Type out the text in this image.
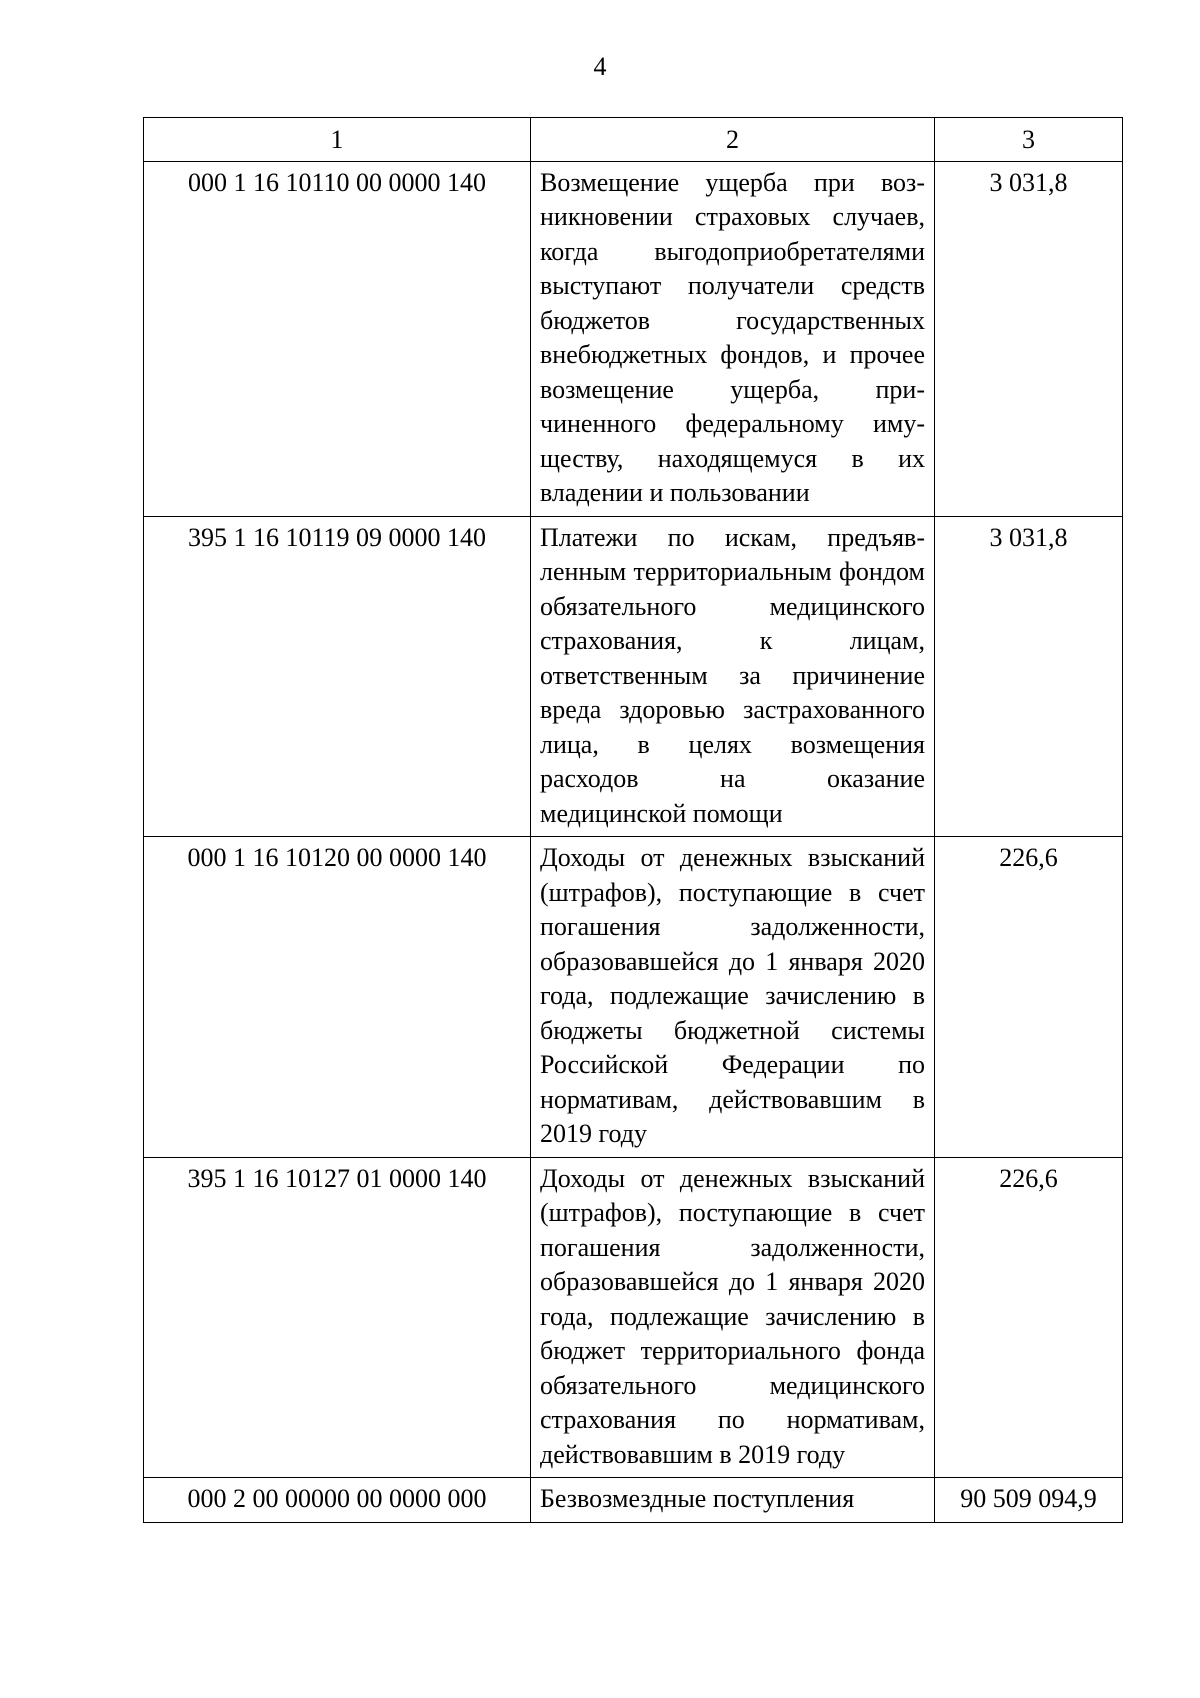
4
1	2	3
000 1 16 10110 00 0000 140	Возмещение ущерба при возникновении страховых случаев, когда выгодоприобретателями выступают получатели средств бюджетов государственных внебюджетных фондов, и прочее возмещение ущерба, причиненного федеральному имуществу, находящемуся в их владении и пользовании	3 031,8
395 1 16 10119 09 0000 140	Платежи по искам, предъявленным территориальным фондом обязательного медицинского страхования, к лицам, ответственным за причинение вреда здоровью застрахованного лица, в целях возмещения расходов на оказание медицинской помощи	3 031,8
000 1 16 10120 00 0000 140	Доходы от денежных взысканий (штрафов), поступающие в счет погашения задолженности, образовавшейся до 1 января 2020 года, подлежащие зачислению в бюджеты бюджетной системы Российской Федерации по нормативам, действовавшим в 2019 году	226,6
395 1 16 10127 01 0000 140	Доходы от денежных взысканий (штрафов), поступающие в счет погашения задолженности, образовавшейся до 1 января 2020 года, подлежащие зачислению в бюджет территориального фонда обязательного медицинского страхования по нормативам, действовавшим в 2019 году	226,6
000 2 00 00000 00 0000 000	Безвозмездные поступления	90 509 094,9
